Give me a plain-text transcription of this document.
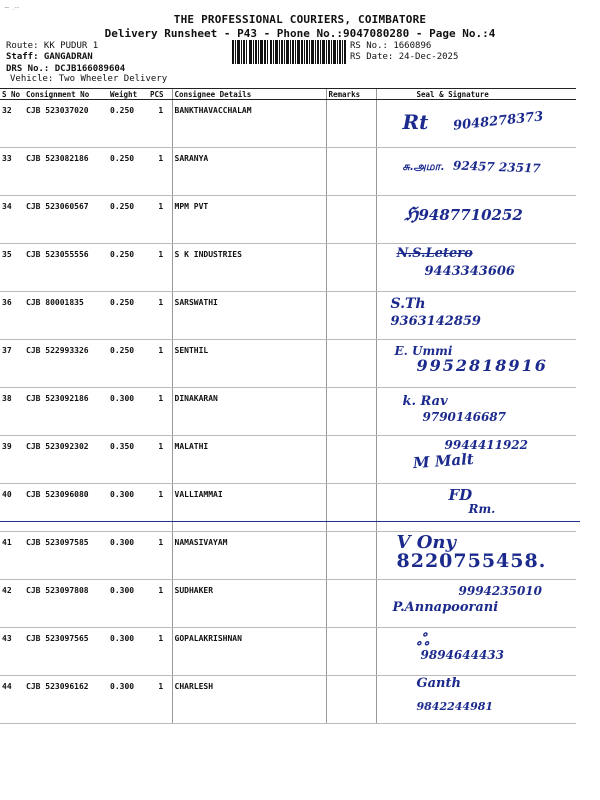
~ .--
THE PROFESSIONAL COURIERS, COIMBATORE
Delivery Runsheet - P43 - Phone No.:9047080280 - Page No.:4
Route: KK PUDUR 1
Staff: GANGADRAN
DRS No.: DCJB166089604
Vehicle: Two Wheeler Delivery
RS No.: 1660896
RS Date: 24-Dec-2025
S No	Consignment No	Weight	PCS	Consignee Details	Remarks	Seal & Signature
32	CJB 523037020	0.250	1	BANKTHAVACCHALAM		Rt 9048278373

33	CJB 523082186	0.250	1	SARANYA		சு.அமா. 92457 23517

34	CJB 523060567	0.250	1	MPM PVT		ℌ 9487710252

35	CJB 523055556	0.250	1	S K INDUSTRIES		N.S.Letero
9443343606

36	CJB 80001835	0.250	1	SARSWATHI		S.Th
9363142859

37	CJB 522993326	0.250	1	SENTHIL		E. Ummi
9952818916

38	CJB 523092186	0.300	1	DINAKARAN		k. Rav
9790146687

39	CJB 523092302	0.350	1	MALATHI		9944411922
M Malt

40	CJB 523096080	0.300	1	VALLIAMMAI		FD
Rm.

41	CJB 523097585	0.300	1	NAMASIVAYAM		V Ony
8220755458.

42	CJB 523097808	0.300	1	SUDHAKER		9994235010
P.Annapoorani

43	CJB 523097565	0.300	1	GOPALAKRISHNAN		ஃ
9894644433

44	CJB 523096162	0.300	1	CHARLESH		Ganth
9842244981
